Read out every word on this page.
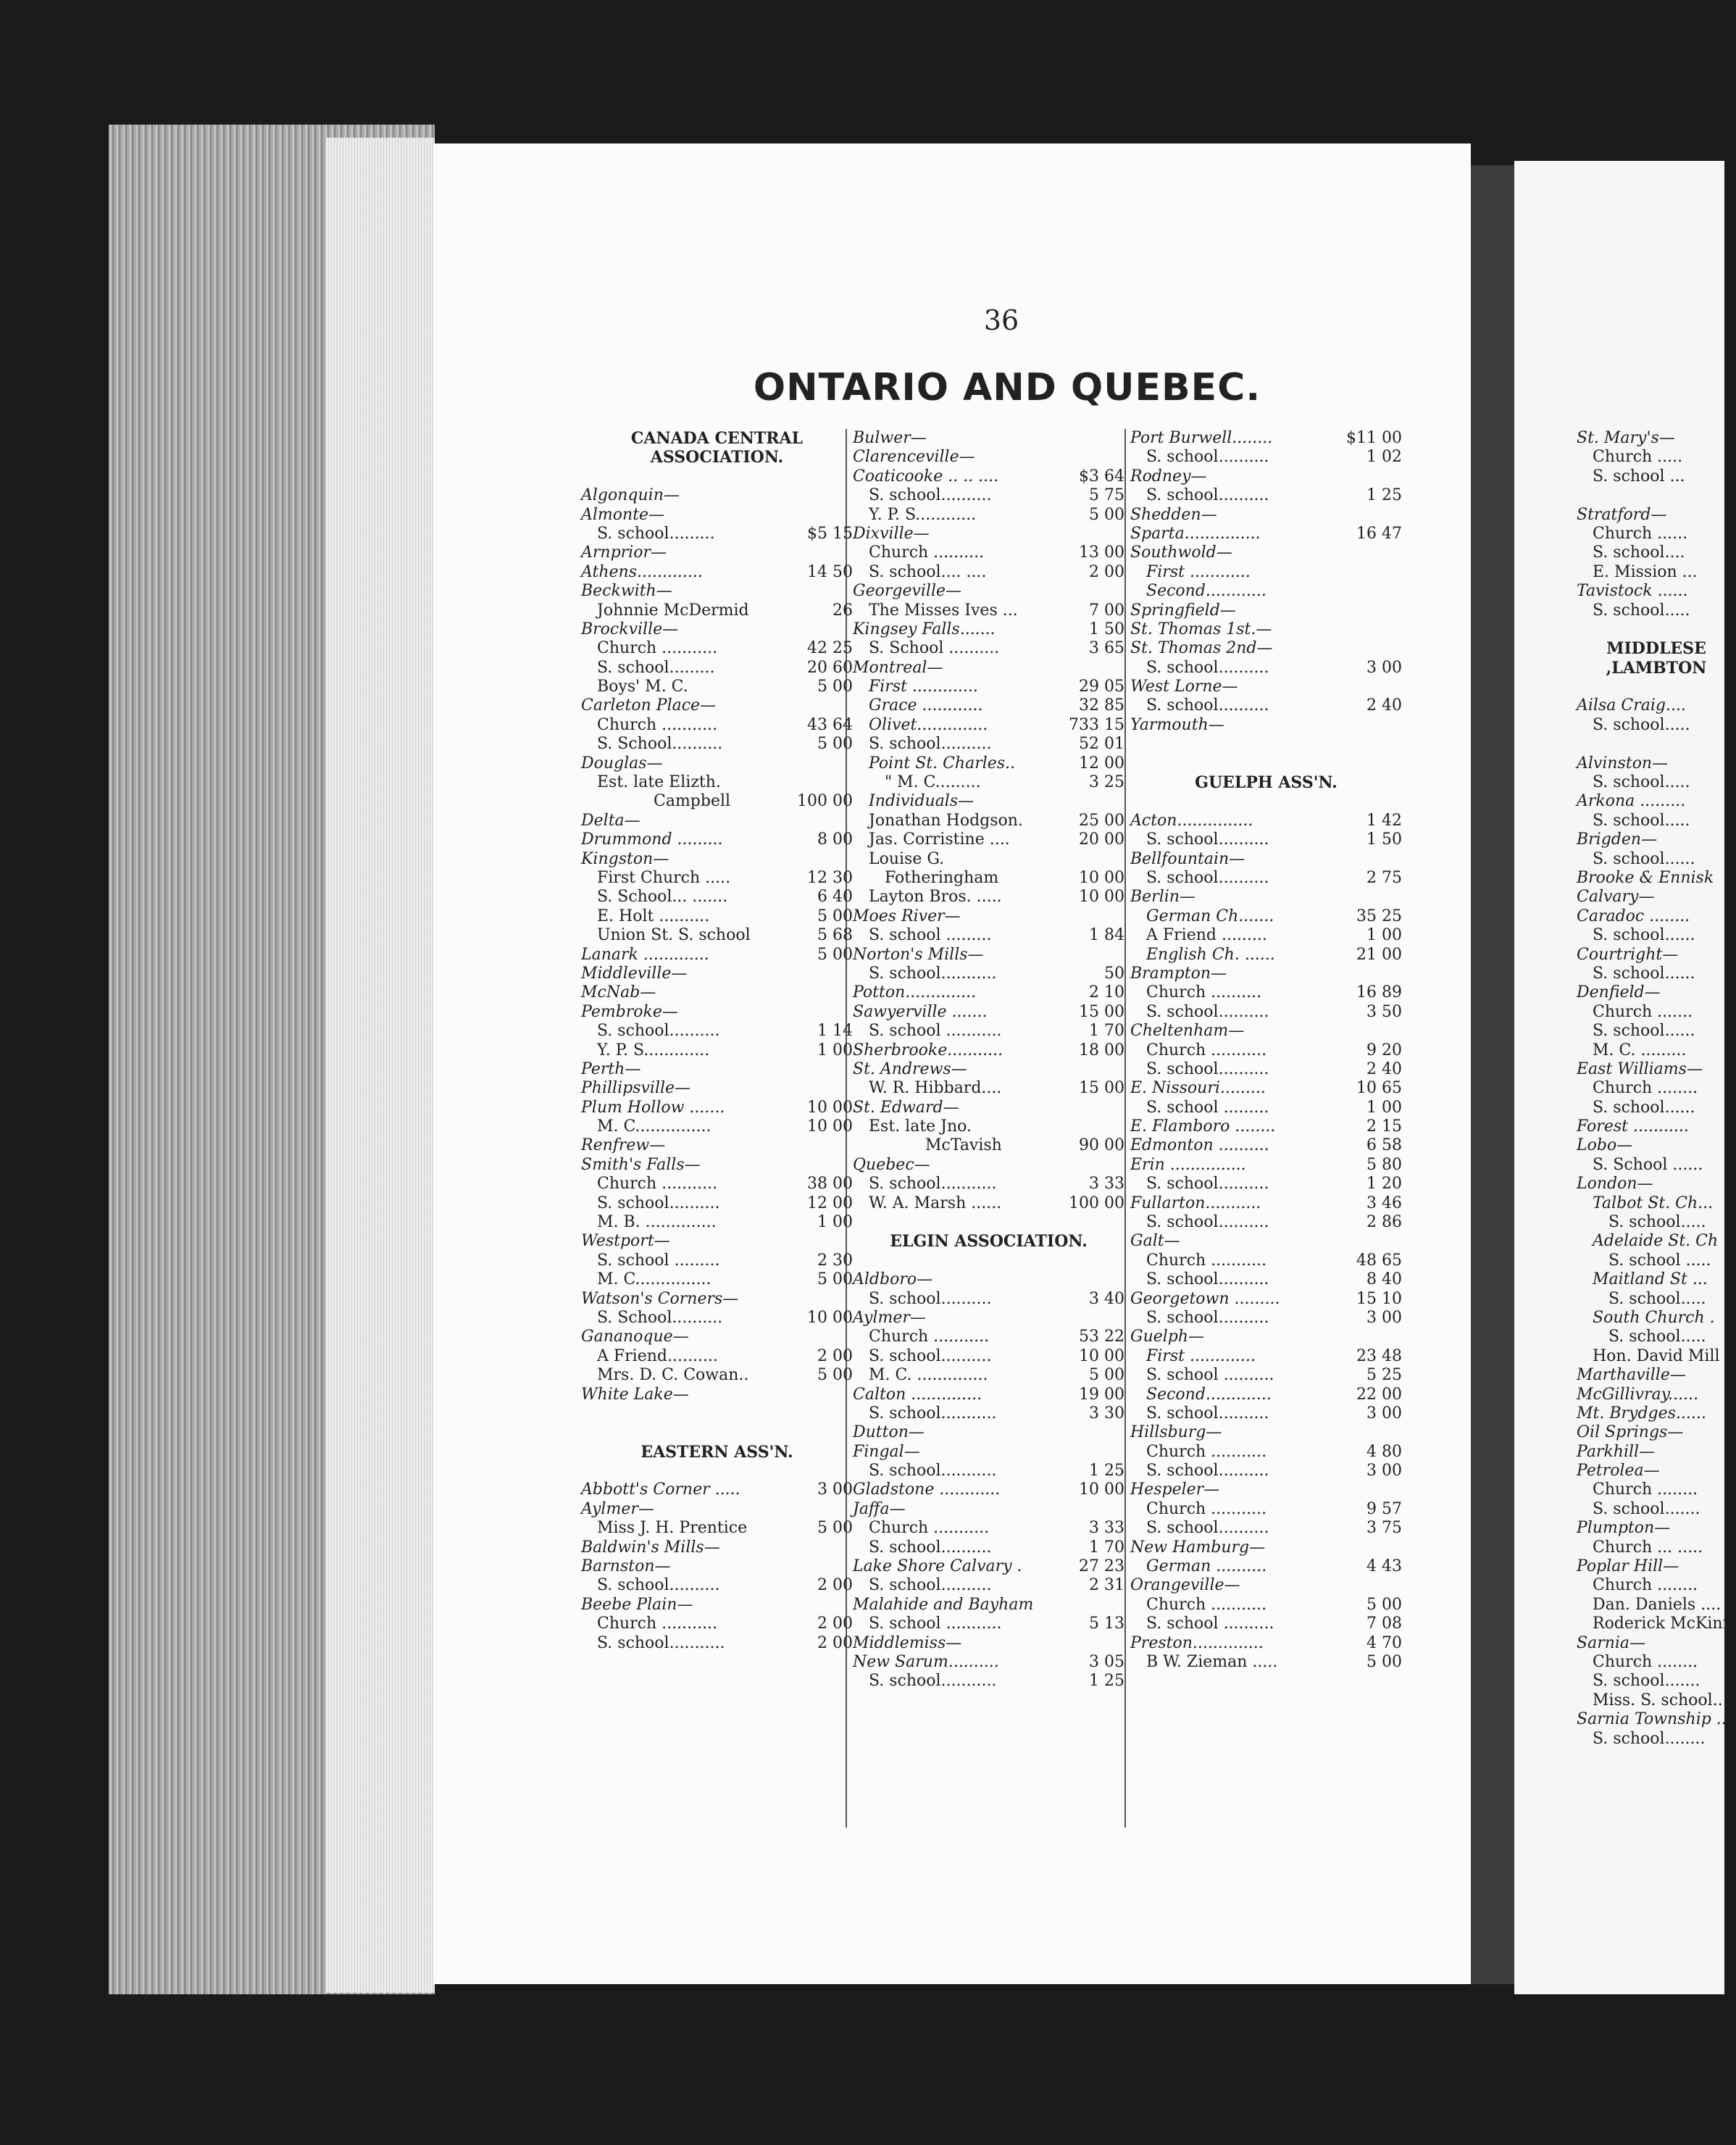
36
ONTARIO AND QUEBEC.
CANADA CENTRAL
ASSOCIATION.
Algonquin—
Almonte—
S. school.........	$5 15
Arnprior—
Athens.............	14 50
Beckwith—
Johnnie McDermid	26
Brockville—
Church ...........	42 25
S. school.........	20 60
Boys' M. C.	5 00
Carleton Place—
Church ...........	43 64
S. School..........	5 00
Douglas—
Est. late Elizth.
Campbell	100 00
Delta—
Drummond .........	8 00
Kingston—
First Church .....	12 30
S. School... .......	6 40
E. Holt ..........	5 00
Union St. S. school	5 68
Lanark .............	5 00
Middleville—
McNab—
Pembroke—
S. school..........	1 14
Y. P. S.............	1 00
Perth—
Phillipsville—
Plum Hollow .......	10 00
M. C...............	10 00
Renfrew—
Smith's Falls—
Church ...........	38 00
S. school..........	12 00
M. B. ..............	1 00
Westport—
S. school .........	2 30
M. C...............	5 00
Watson's Corners—
S. School..........	10 00
Gananoque—
A Friend..........	2 00
Mrs. D. C. Cowan..	5 00
White Lake—
EASTERN ASS'N.
Abbott's Corner .....	3 00
Aylmer—
Miss J. H. Prentice	5 00
Baldwin's Mills—
Barnston—
S. school..........	2 00
Beebe Plain—
Church ...........	2 00
S. school...........	2 00
Bulwer—
Clarenceville—
Coaticooke .. .. ....	$3 64
S. school..........	5 75
Y. P. S............	5 00
Dixville—
Church ..........	13 00
S. school.... ....	2 00
Georgeville—
The Misses Ives ...	7 00
Kingsey Falls.......	1 50
S. School ..........	3 65
Montreal—
First .............	29 05
Grace ............	32 85
Olivet..............	733 15
S. school..........	52 01
Point St. Charles..	12 00
" M. C.........	3 25
Individuals—
Jonathan Hodgson.	25 00
Jas. Corristine ....	20 00
Louise G.
Fotheringham	10 00
Layton Bros. .....	10 00
Moes River—
S. school .........	1 84
Norton's Mills—
S. school...........	50
Potton..............	2 10
Sawyerville .......	15 00
S. school ...........	1 70
Sherbrooke...........	18 00
St. Andrews—
W. R. Hibbard....	15 00
St. Edward—
Est. late Jno.
McTavish	90 00
Quebec—
S. school...........	3 33
W. A. Marsh ......	100 00
ELGIN ASSOCIATION.
Aldboro—
S. school..........	3 40
Aylmer—
Church ...........	53 22
S. school..........	10 00
M. C. ..............	5 00
Calton ..............	19 00
S. school...........	3 30
Dutton—
Fingal—
S. school...........	1 25
Gladstone ............	10 00
Jaffa—
Church ...........	3 33
S. school..........	1 70
Lake Shore Calvary .	27 23
S. school..........	2 31
Malahide and Bayham
S. school ...........	5 13
Middlemiss—
New Sarum..........	3 05
S. school...........	1 25
Port Burwell........	$11 00
S. school..........	1 02
Rodney—
S. school..........	1 25
Shedden—
Sparta...............	16 47
Southwold—
First ............
Second............
Springfield—
St. Thomas 1st.—
St. Thomas 2nd—
S. school..........	3 00
West Lorne—
S. school..........	2 40
Yarmouth—
GUELPH ASS'N.
Acton...............	1 42
S. school..........	1 50
Bellfountain—
S. school..........	2 75
Berlin—
German Ch.......	35 25
A Friend .........	1 00
English Ch. ......	21 00
Brampton—
Church ..........	16 89
S. school..........	3 50
Cheltenham—
Church ...........	9 20
S. school..........	2 40
E. Nissouri.........	10 65
S. school .........	1 00
E. Flamboro ........	2 15
Edmonton ..........	6 58
Erin ...............	5 80
S. school..........	1 20
Fullarton...........	3 46
S. school..........	2 86
Galt—
Church ...........	48 65
S. school..........	8 40
Georgetown .........	15 10
S. school..........	3 00
Guelph—
First .............	23 48
S. school ..........	5 25
Second.............	22 00
S. school..........	3 00
Hillsburg—
Church ...........	4 80
S. school..........	3 00
Hespeler—
Church ...........	9 57
S. school..........	3 75
New Hamburg—
German ..........	4 43
Orangeville—
Church ...........	5 00
S. school ..........	7 08
Preston..............	4 70
B W. Zieman .....	5 00
St. Mary's—
Church .....
S. school ...
Stratford—
Church ......
S. school....
E. Mission ...
Tavistock ......
S. school.....
MIDDLESE
,LAMBTON
Ailsa Craig....
S. school.....
Alvinston—
S. school.....
Arkona .........
S. school.....
Brigden—
S. school......
Brooke & Ennisk
Calvary—
Caradoc ........
S. school......
Courtright—
S. school......
Denfield—
Church .......
S. school......
M. C. .........
East Williams—
Church ........
S. school......
Forest ...........
Lobo—
S. School ......
London—
Talbot St. Ch...
S. school.....
Adelaide St. Ch
S. school .....
Maitland St ...
S. school.....
South Church .
S. school.....
Hon. David Mill
Marthaville—
McGillivray......
Mt. Brydges......
Oil Springs—
Parkhill—
Petrolea—
Church ........
S. school.......
Plumpton—
Church ... .....
Poplar Hill—
Church ........
Dan. Daniels ....
Roderick McKinn
Sarnia—
Church ........
S. school.......
Miss. S. school...
Sarnia Township ..
S. school........
